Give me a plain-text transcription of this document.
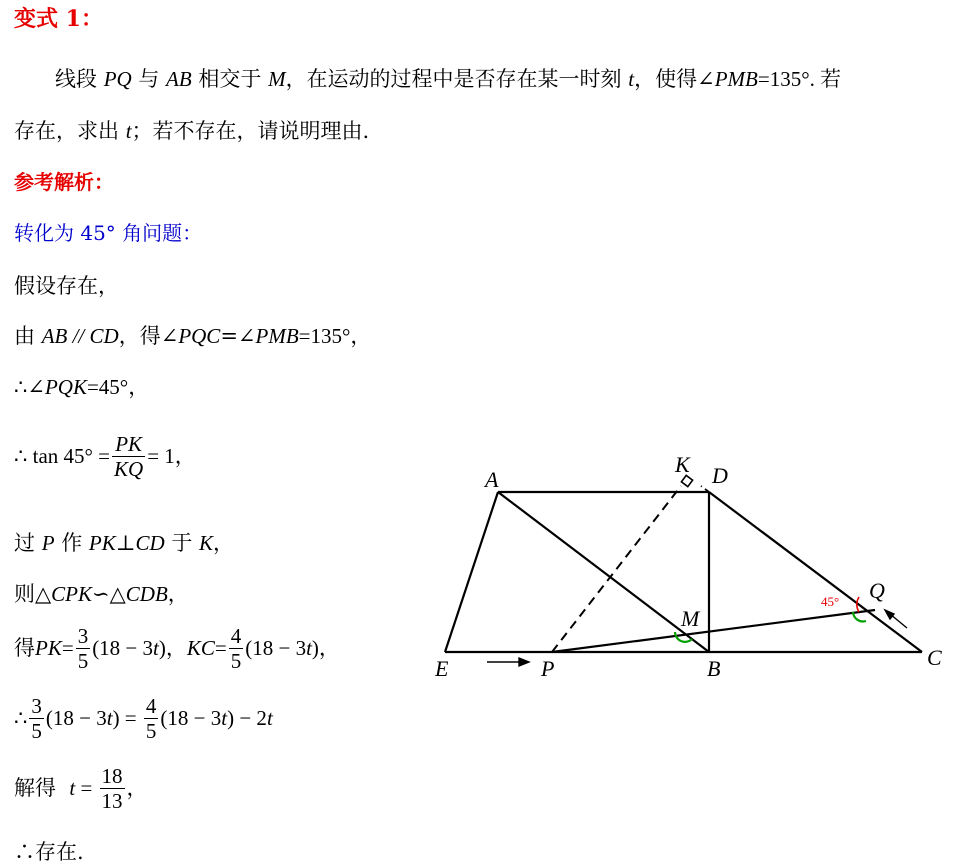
变式 1：
线段 PQ 与 AB 相交于 M，在运动的过程中是否存在某一时刻 t，使得∠PMB=135°. 若
存在，求出 t；若不存在，请说明理由.
参考解析：
转化为 45° 角问题：
假设存在，
由 AB // CD，得∠PQC=∠PMB=135°，
∴∠PQK=45°，
∴ $\tan 45^\circ = \frac{PK}{KQ} = 1$，
过 P 作 PK⊥CD 于 K，
则△CPK∽△CDB，
得 PK = $\frac{3}{5} (18 - 3$ t ) ， KC = $\frac{4}{5} (18 - 3$ t ) ，
∴ $\frac{3}{5} (18 - 3$ t ) = $\frac{4}{5} (18 - 3$ t ) − 2 t
解得 $t = \frac{18}{13}$ ，
∴存在.
A
K D
M
Q
E	P	B	C
45°
